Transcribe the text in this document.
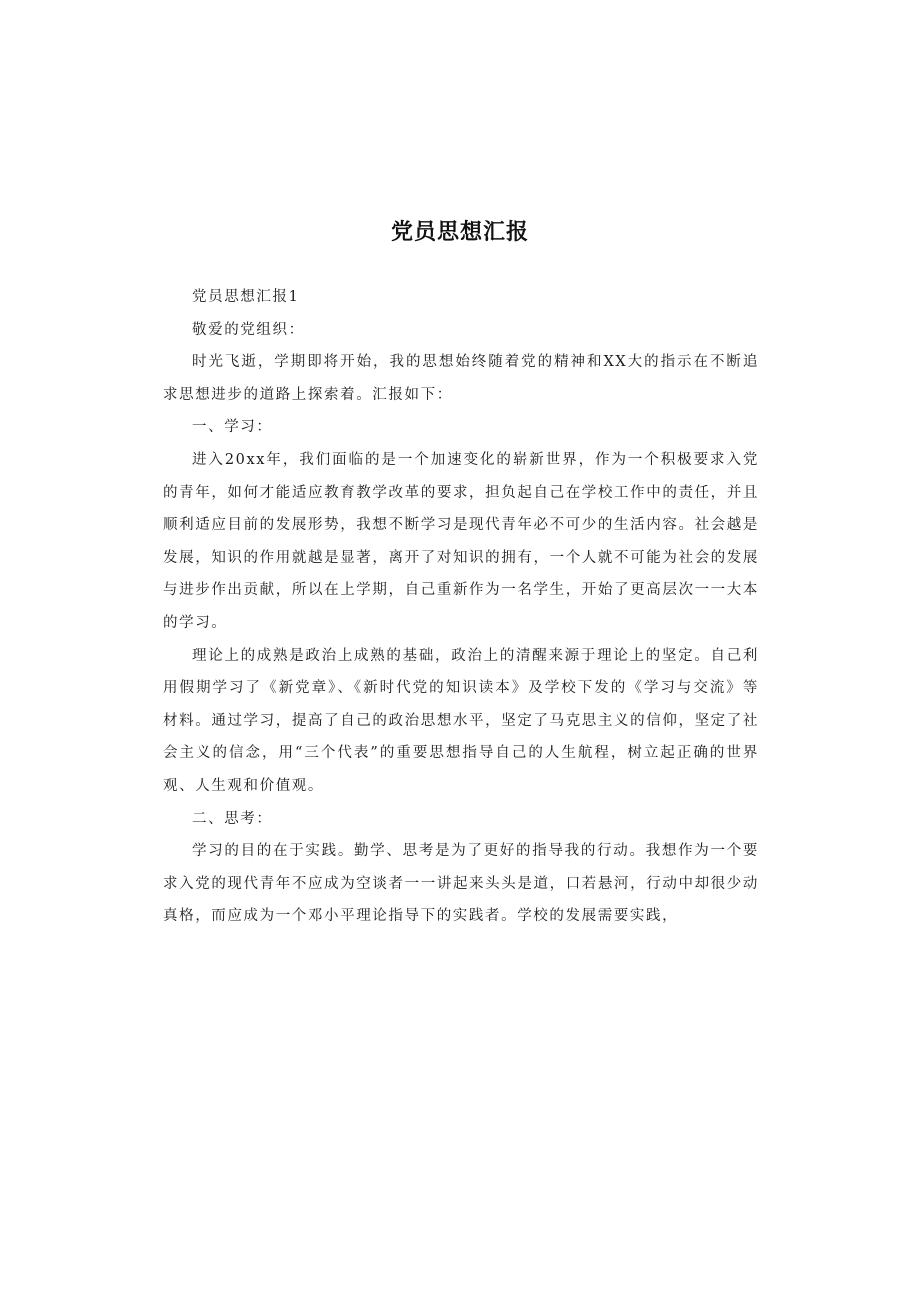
党员思想汇报

党员思想汇报1

敬爱的党组织：

时光飞逝，学期即将开始，我的思想始终随着党的精神和XX大的指示在不断追求思想进步的道路上探索着。汇报如下：

一、学习：

进入20xx年，我们面临的是一个加速变化的崭新世界，作为一个积极要求入党的青年，如何才能适应教育教学改革的要求，担负起自己在学校工作中的责任，并且顺利适应目前的发展形势，我想不断学习是现代青年必不可少的生活内容。社会越是发展，知识的作用就越是显著，离开了对知识的拥有，一个人就不可能为社会的发展与进步作出贡献，所以在上学期，自己重新作为一名学生，开始了更高层次一一大本的学习。

理论上的成熟是政治上成熟的基础，政治上的清醒来源于理论上的坚定。自己利用假期学习了《新党章》、《新时代党的知识读本》及学校下发的《学习与交流》等材料。通过学习，提高了自己的政治思想水平，坚定了马克思主义的信仰，坚定了社会主义的信念，用“三个代表”的重要思想指导自己的人生航程，树立起正确的世界观、人生观和价值观。

二、思考：

学习的目的在于实践。勤学、思考是为了更好的指导我的行动。我想作为一个要求入党的现代青年不应成为空谈者一一讲起来头头是道，口若悬河，行动中却很少动真格，而应成为一个邓小平理论指导下的实践者。学校的发展需要实践，
